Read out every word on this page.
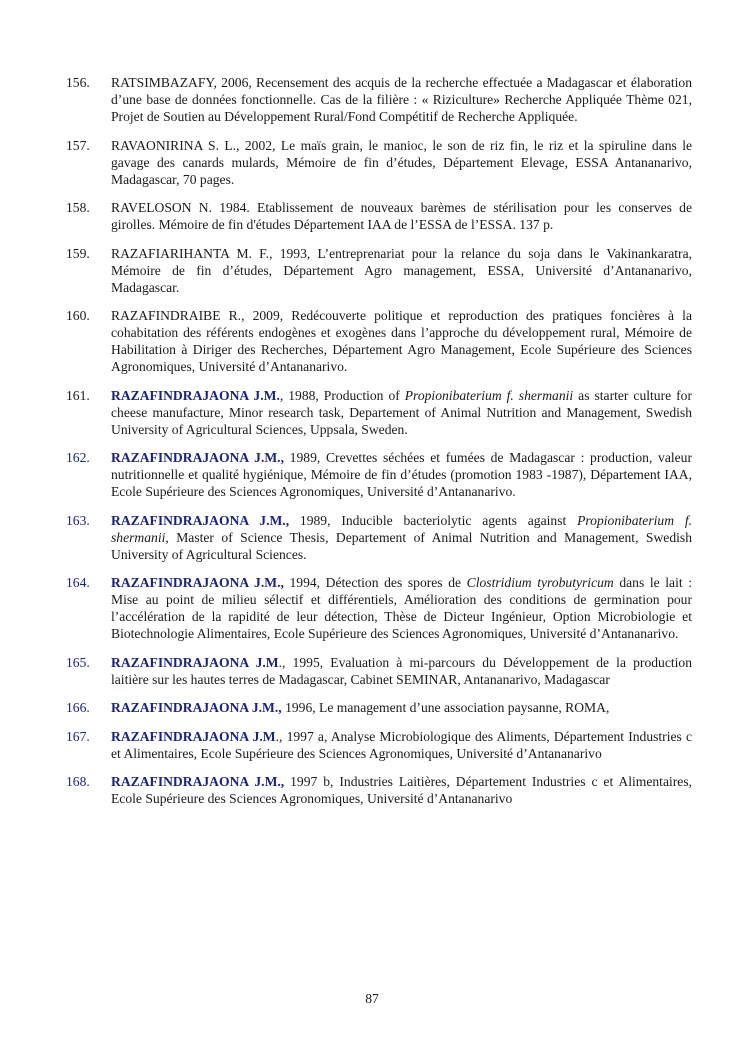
156.	RATSIMBAZAFY, 2006, Recensement des acquis de la recherche effectuée a Madagascar et élaboration d’une base de données fonctionnelle. Cas de la filière : « Riziculture» Recherche Appliquée Thème 021, Projet de Soutien au Développement Rural/Fond Compétitif de Recherche Appliquée.
157.	RAVAONIRINA S. L., 2002, Le maïs grain, le manioc, le son de riz fin, le riz et la spiruline dans le gavage des canards mulards, Mémoire de fin d’études, Département Elevage, ESSA Antananarivo, Madagascar, 70 pages.
158.	RAVELOSON N. 1984. Etablissement de nouveaux barèmes de stérilisation pour les conserves de girolles. Mémoire de fin d'études Département IAA de l’ESSA de l’ESSA. 137 p.
159.	RAZAFIARIHANTA M. F., 1993, L’entreprenariat pour la relance du soja dans le Vakinankaratra, Mémoire de fin d’études, Département Agro management, ESSA, Université d’Antananarivo, Madagascar.
160.	RAZAFINDRAIBE R., 2009, Redécouverte politique et reproduction des pratiques foncières à la cohabitation des référents endogènes et exogènes dans l’approche du développement rural, Mémoire de Habilitation à Diriger des Recherches, Département Agro Management, Ecole Supérieure des Sciences Agronomiques, Université d’Antananarivo.
161.	RAZAFINDRAJAONA J.M., 1988, Production of Propionibaterium f. shermanii as starter culture for cheese manufacture, Minor research task, Departement of Animal Nutrition and Management, Swedish University of Agricultural Sciences, Uppsala, Sweden.
162.	RAZAFINDRAJAONA J.M., 1989, Crevettes séchées et fumées de Madagascar : production, valeur nutritionnelle et qualité hygiénique, Mémoire de fin d’études (promotion 1983 -1987), Département IAA, Ecole Supérieure des Sciences Agronomiques, Université d’Antananarivo.
163.	RAZAFINDRAJAONA J.M., 1989, Inducible bacteriolytic agents against Propionibaterium f. shermanii, Master of Science Thesis, Departement of Animal Nutrition and Management, Swedish University of Agricultural Sciences.
164.	RAZAFINDRAJAONA J.M., 1994, Détection des spores de Clostridium tyrobutyricum dans le lait : Mise au point de milieu sélectif et différentiels, Amélioration des conditions de germination pour l’accélération de la rapidité de leur détection, Thèse de Dicteur Ingénieur, Option Microbiologie et Biotechnologie Alimentaires, Ecole Supérieure des Sciences Agronomiques, Université d’Antananarivo.
165.	RAZAFINDRAJAONA J.M., 1995, Evaluation à mi-parcours du Développement de la production laitière sur les hautes terres de Madagascar, Cabinet SEMINAR, Antananarivo, Madagascar
166.	RAZAFINDRAJAONA J.M., 1996, Le management d’une association paysanne, ROMA,
167.	RAZAFINDRAJAONA J.M., 1997 a, Analyse Microbiologique des Aliments, Département Industries c et Alimentaires, Ecole Supérieure des Sciences Agronomiques, Université d’Antananarivo
168.	RAZAFINDRAJAONA J.M., 1997 b, Industries Laitières, Département Industries c et Alimentaires, Ecole Supérieure des Sciences Agronomiques, Université d’Antananarivo
87
